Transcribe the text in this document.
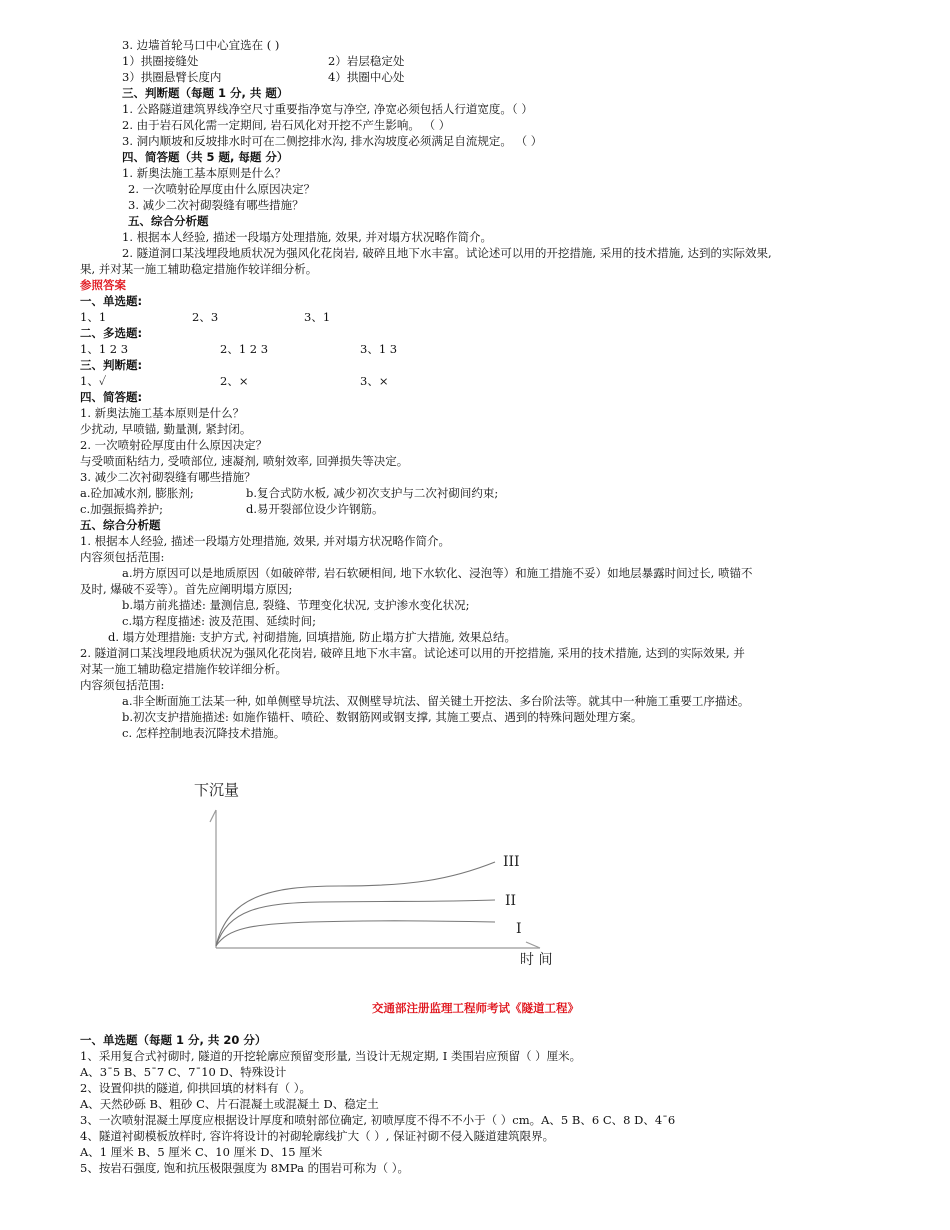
3. 边墙首轮马口中心宜选在 ( )
1）拱圈接缝处	2）岩层稳定处
3）拱圈悬臂长度内	4）拱圈中心处
三、判断题（每题 1 分, 共 题）
1. 公路隧道建筑界线净空尺寸重要指净宽与净空, 净宽必须包括人行道宽度。（ ）
2. 由于岩石风化需一定期间, 岩石风化对开挖不产生影响。 （ ）
3. 洞内顺坡和反坡排水时可在二侧挖排水沟, 排水沟坡度必须满足自流规定。 （ ）
四、简答题（共 5 题, 每题 分）
1. 新奥法施工基本原则是什么？
2. 一次喷射砼厚度由什么原因决定？
3. 减少二次衬砌裂缝有哪些措施？
五、综合分析题
1. 根据本人经验, 描述一段塌方处理措施, 效果, 并对塌方状况略作简介。
2. 隧道洞口某浅埋段地质状况为强风化花岗岩, 破碎且地下水丰富。试论述可以用的开挖措施, 采用的技术措施, 达到的实际效果,
果, 并对某一施工辅助稳定措施作较详细分析。
参照答案
一、单选题:
1、1	2、3	3、1
二、多选题:
1、1 2 3	2、1 2 3	3、1 3
三、判断题:
1、✓	2、×	3、×
四、简答题:
1. 新奥法施工基本原则是什么？
少扰动, 早喷锚, 勤量测, 紧封闭。
2. 一次喷射砼厚度由什么原因决定？
与受喷面粘结力, 受喷部位, 速凝剂, 喷射效率, 回弹损失等决定。
3. 减少二次衬砌裂缝有哪些措施？
a.砼加减水剂, 膨胀剂;	b.复合式防水板, 减少初次支护与二次衬砌间约束;
c.加强振捣养护;	d.易开裂部位设少许钢筋。
五、综合分析题
1. 根据本人经验, 描述一段塌方处理措施, 效果, 并对塌方状况略作简介。
内容须包括范围:
a.坍方原因可以是地质原因（如破碎带, 岩石软硬相间, 地下水软化、浸泡等）和施工措施不妥）如地层暴露时间过长, 喷锚不
及时, 爆破不妥等）。首先应阐明塌方原因;
b.塌方前兆描述: 量测信息, 裂缝、节理变化状况, 支护渗水变化状况;
c.塌方程度描述: 波及范围、延续时间;
d. 塌方处理措施: 支护方式, 衬砌措施, 回填措施, 防止塌方扩大措施, 效果总结。
2. 隧道洞口某浅埋段地质状况为强风化花岗岩, 破碎且地下水丰富。试论述可以用的开挖措施, 采用的技术措施, 达到的实际效果, 并
对某一施工辅助稳定措施作较详细分析。
内容须包括范围:
a.非全断面施工法某一种, 如单侧壁导坑法、双侧壁导坑法、留关键土开挖法、多台阶法等。就其中一种施工重要工序描述。
b.初次支护措施描述: 如施作锚杆、喷砼、数钢筋网或钢支撑, 其施工要点、遇到的特殊问题处理方案。
c. 怎样控制地表沉降技术措施。
下沉量
III
II
I
时 间
交通部注册监理工程师考试《隧道工程》
一、单选题（每题 1 分, 共 20 分）
1、采用复合式衬砌时, 隧道的开挖轮廓应预留变形量, 当设计无规定期, I 类围岩应预留（ ）厘米。
A、3¯5 B、5¯7 C、7¯10 D、特殊设计
2、设置仰拱的隧道, 仰拱回填的材料有（ ）。
A、天然砂砾 B、粗砂 C、片石混凝土或混凝土 D、稳定土
3、一次喷射混凝土厚度应根据设计厚度和喷射部位确定, 初喷厚度不得不不小于（ ）cm。A、5 B、6 C、8 D、4¯6
4、隧道衬砌模板放样时, 容许将设计的衬砌轮廓线扩大（ ）, 保证衬砌不侵入隧道建筑限界。
A、1 厘米 B、5 厘米 C、10 厘米 D、15 厘米
5、按岩石强度, 饱和抗压极限强度为 8MPa 的围岩可称为（ ）。
